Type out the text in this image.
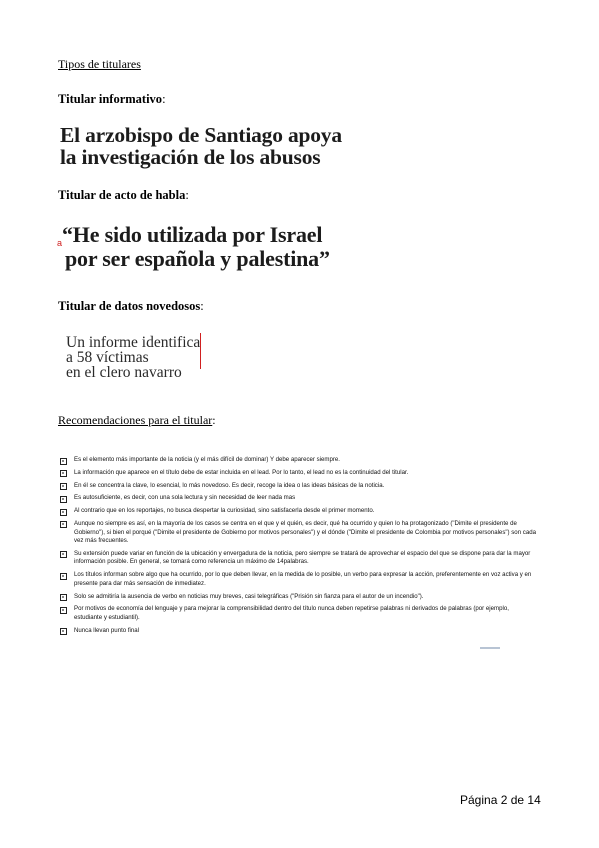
Tipos de titulares
Titular informativo:
El arzobispo de Santiago apoya
la investigación de los abusos
Titular de acto de habla:
a “He sido utilizada por Israel
por ser española y palestina”
Titular de datos novedosos:
Un informe identifica
a 58 víctimas
en el clero navarro
Recomendaciones para el titular:
Es el elemento más importante de la noticia (y el más difícil de dominar) Y debe aparecer siempre.
La información que aparece en el título debe de estar incluida en el lead. Por lo tanto, el lead no es la continuidad del titular.
En él se concentra la clave, lo esencial, lo más novedoso. Es decir, recoge la idea o las ideas básicas de la noticia.
Es autosuficiente, es decir, con una sola lectura y sin necesidad de leer nada mas
Al contrario que en los reportajes, no busca despertar la curiosidad, sino satisfacerla desde el primer momento.
Aunque no siempre es así, en la mayoría de los casos se centra en el que y el quién, es decir, qué ha ocurrido y quien lo ha protagonizado ("Dimite el presidente de Gobierno"), si bien el porqué ("Dimite el presidente de Gobierno por motivos personales") y el dónde ("Dimite el presidente de Colombia por motivos personales") son cada vez más frecuentes.
Su extensión puede variar en función de la ubicación y envergadura de la noticia, pero siempre se tratará de aprovechar el espacio del que se dispone para dar la mayor información posible. En general, se tomará como referencia un máximo de 14palabras.
Los títulos informan sobre algo que ha ocurrido, por lo que deben llevar, en la medida de lo posible, un verbo para expresar la acción, preferentemente en voz activa y en presente para dar más sensación de inmediatez.
Solo se admitiría la ausencia de verbo en noticias muy breves, casi telegráficas ("Prisión sin fianza para el autor de un incendio").
Por motivos de economía del lenguaje y para mejorar la comprensibilidad dentro del título nunca deben repetirse palabras ni derivados de palabras (por ejemplo, estudiante y estudiantil).
Nunca llevan punto final
Página 2 de 14
